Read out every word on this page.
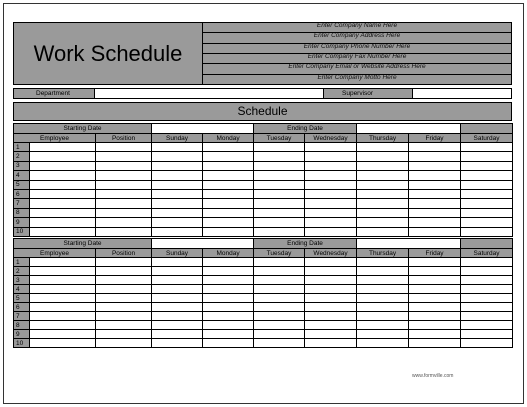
Work Schedule
Enter Company Name Here
Enter Company Address Here
Enter Company Phone Number Here
Enter Company Fax Number Here
Enter Company Email or Website Address Here
Enter Company Motto Here
Department	Supervisor
Schedule
Starting Date					Ending Date				
Employee		Position	Sunday	Monday	Tuesday	Wednesday	Thursday	Friday	Saturday
1									
2									
3									
4									
5									
6									
7									
8									
9									
10									
Starting Date					Ending Date				
Employee		Position	Sunday	Monday	Tuesday	Wednesday	Thursday	Friday	Saturday
1									
2									
3									
4									
5									
6									
7									
8									
9									
10									
www.formville.com
